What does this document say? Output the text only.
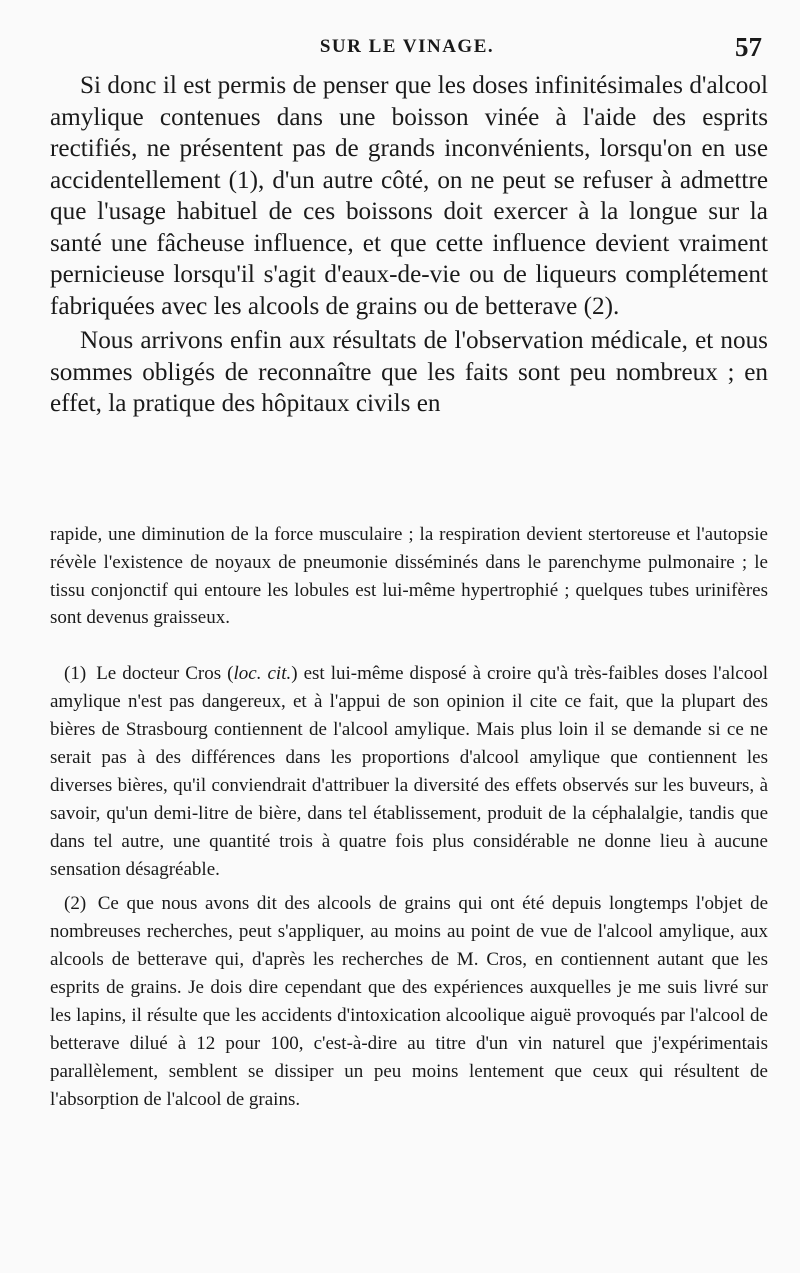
SUR LE VINAGE.	57

Si donc il est permis de penser que les doses infinitésimales d'alcool amylique contenues dans une boisson vinée à l'aide des esprits rectifiés, ne présentent pas de grands inconvénients, lorsqu'on en use accidentellement (1), d'un autre côté, on ne peut se refuser à admettre que l'usage habituel de ces boissons doit exercer à la longue sur la santé une fâcheuse influence, et que cette influence devient vraiment pernicieuse lorsqu'il s'agit d'eaux-de-vie ou de liqueurs complétement fabriquées avec les alcools de grains ou de betterave (2).

Nous arrivons enfin aux résultats de l'observation médicale, et nous sommes obligés de reconnaître que les faits sont peu nombreux ; en effet, la pratique des hôpitaux civils en

rapide, une diminution de la force musculaire ; la respiration devient stertoreuse et l'autopsie révèle l'existence de noyaux de pneumonie disséminés dans le parenchyme pulmonaire ; le tissu conjonctif qui entoure les lobules est lui-même hypertrophié ; quelques tubes urinifères sont devenus graisseux.

(1) Le docteur Cros (loc. cit.) est lui-même disposé à croire qu'à très-faibles doses l'alcool amylique n'est pas dangereux, et à l'appui de son opinion il cite ce fait, que la plupart des bières de Strasbourg contiennent de l'alcool amylique. Mais plus loin il se demande si ce ne serait pas à des différences dans les proportions d'alcool amylique que contiennent les diverses bières, qu'il conviendrait d'attribuer la diversité des effets observés sur les buveurs, à savoir, qu'un demi-litre de bière, dans tel établissement, produit de la céphalalgie, tandis que dans tel autre, une quantité trois à quatre fois plus considérable ne donne lieu à aucune sensation désagréable.

(2) Ce que nous avons dit des alcools de grains qui ont été depuis longtemps l'objet de nombreuses recherches, peut s'appliquer, au moins au point de vue de l'alcool amylique, aux alcools de betterave qui, d'après les recherches de M. Cros, en contiennent autant que les esprits de grains. Je dois dire cependant que des expériences auxquelles je me suis livré sur les lapins, il résulte que les accidents d'intoxication alcoolique aiguë provoqués par l'alcool de betterave dilué à 12 pour 100, c'est-à-dire au titre d'un vin naturel que j'expérimentais parallèlement, semblent se dissiper un peu moins lentement que ceux qui résultent de l'absorption de l'alcool de grains.
